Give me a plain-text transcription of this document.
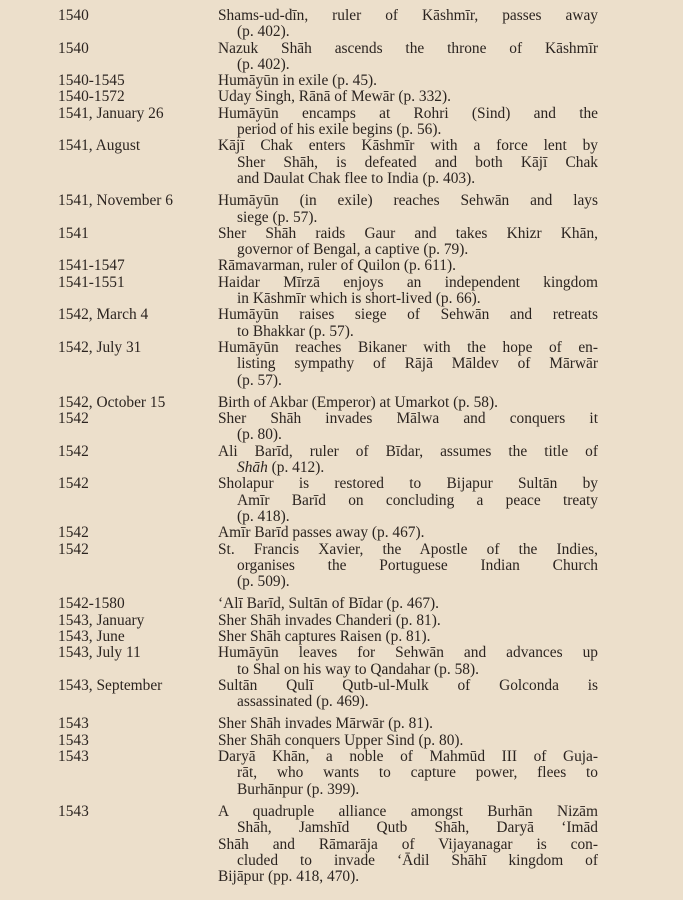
1540	Shams-ud-dīn, ruler of Kāshmīr, passes away
(p. 402).
1540	Nazuk Shāh ascends the throne of Kāshmīr
(p. 402).
1540-1545	Humāyūn in exile (p. 45).
1540-1572	Uday Singh, Rānā of Mewār (p. 332).
1541, January 26	Humāyūn encamps at Rohri (Sind) and the
period of his exile begins (p. 56).
1541, August	Kājī Chak enters Kāshmīr with a force lent by
Sher Shāh, is defeated and both Kājī Chak
and Daulat Chak flee to India (p. 403).
1541, November 6	Humāyūn (in exile) reaches Sehwān and lays
siege (p. 57).
1541	Sher Shāh raids Gaur and takes Khizr Khān,
governor of Bengal, a captive (p. 79).
1541-1547	Rāmavarman, ruler of Quilon (p. 611).
1541-1551	Haidar Mīrzā enjoys an independent kingdom
in Kāshmīr which is short-lived (p. 66).
1542, March 4	Humāyūn raises siege of Sehwān and retreats
to Bhakkar (p. 57).
1542, July 31	Humāyūn reaches Bikaner with the hope of en-
listing sympathy of Rājā Māldev of Mārwār
(p. 57).
1542, October 15	Birth of Akbar (Emperor) at Umarkot (p. 58).
1542	Sher Shāh invades Mālwa and conquers it
(p. 80).
1542	Ali Barīd, ruler of Bīdar, assumes the title of
Shāh (p. 412).
1542	Sholapur is restored to Bijapur Sultān by
Amīr Barīd on concluding a peace treaty
(p. 418).
1542	Amīr Barīd passes away (p. 467).
1542	St. Francis Xavier, the Apostle of the Indies,
organises the Portuguese Indian Church
(p. 509).
1542-1580	‘Alī Barīd, Sultān of Bīdar (p. 467).
1543, January	Sher Shāh invades Chanderi (p. 81).
1543, June	Sher Shāh captures Raisen (p. 81).
1543, July 11	Humāyūn leaves for Sehwān and advances up
to Shal on his way to Qandahar (p. 58).
1543, September	Sultān Qulī Qutb-ul-Mulk of Golconda is
assassinated (p. 469).
1543	Sher Shāh invades Mārwār (p. 81).
1543	Sher Shāh conquers Upper Sind (p. 80).
1543	Daryā Khān, a noble of Mahmūd III of Guja-
rāt, who wants to capture power, flees to
Burhānpur (p. 399).
1543	A quadruple alliance amongst Burhān Nizām
Shāh, Jamshīd Qutb Shāh, Daryā ‘Imād
Shāh and Rāmarāja of Vijayanagar is con-
cluded to invade ‘Ādil Shāhī kingdom of
Bijāpur (pp. 418, 470).
